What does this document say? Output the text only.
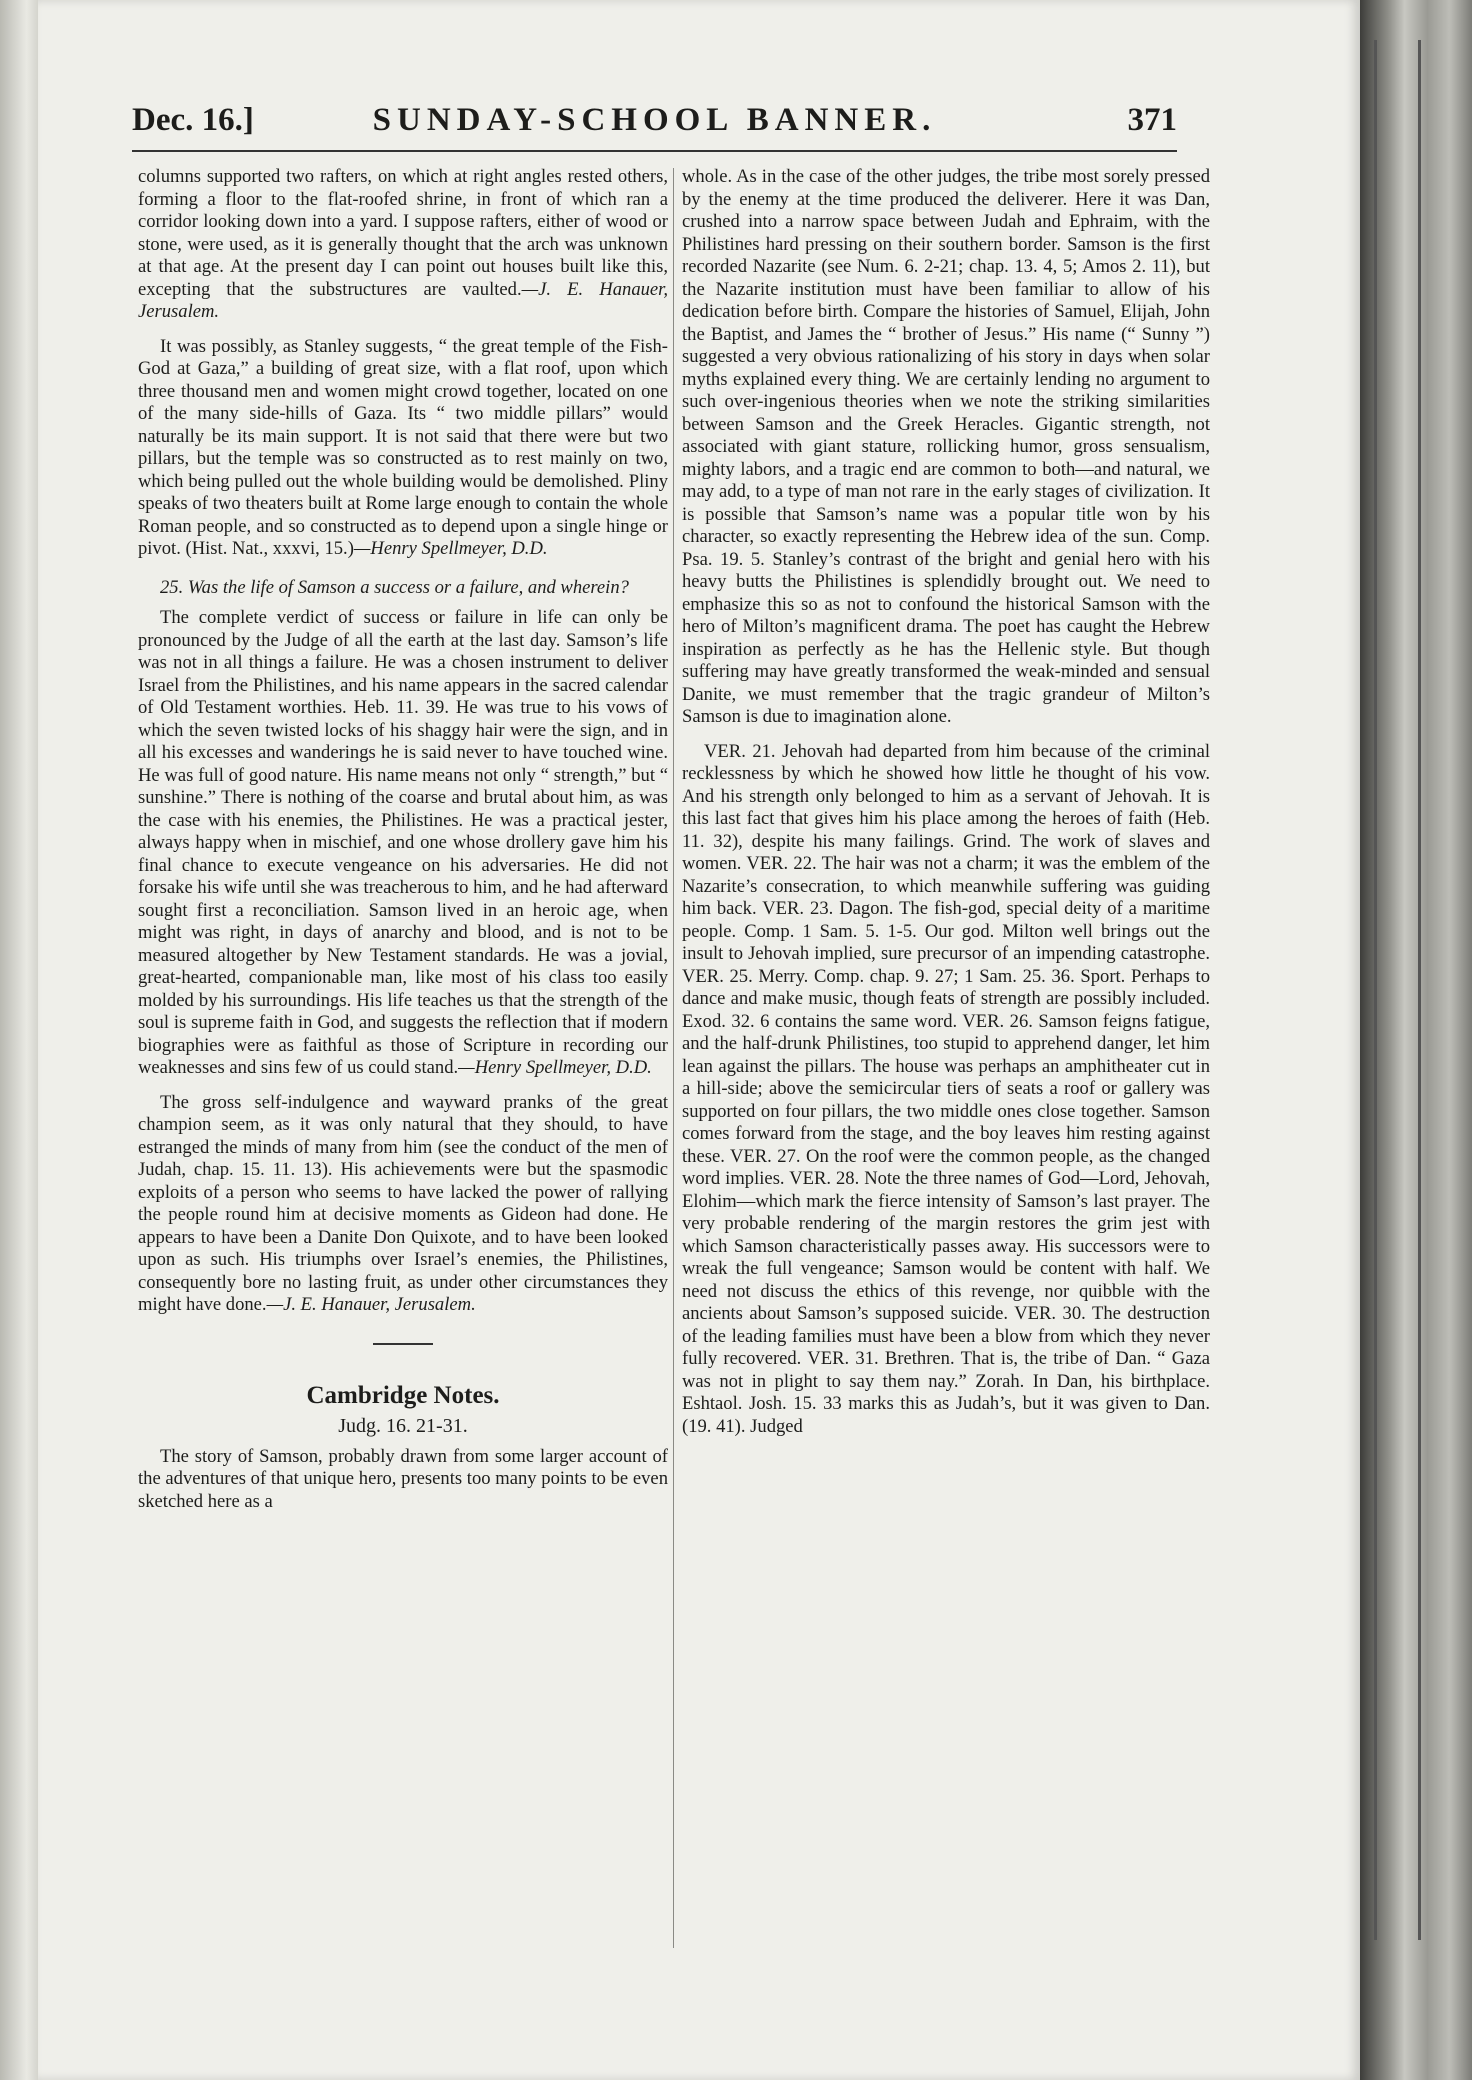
Dec. 16.]	SUNDAY-SCHOOL BANNER.	371

columns supported two rafters, on which at right angles rested others, forming a floor to the flat-roofed shrine, in front of which ran a corridor looking down into a yard. I suppose rafters, either of wood or stone, were used, as it is generally thought that the arch was unknown at that age. At the present day I can point out houses built like this, excepting that the substructures are vaulted.—J. E. Hanauer, Jerusalem.

It was possibly, as Stanley suggests, “ the great temple of the Fish-God at Gaza,” a building of great size, with a flat roof, upon which three thousand men and women might crowd together, located on one of the many side-hills of Gaza. Its “ two middle pillars” would naturally be its main support. It is not said that there were but two pillars, but the temple was so constructed as to rest mainly on two, which being pulled out the whole building would be demolished. Pliny speaks of two theaters built at Rome large enough to contain the whole Roman people, and so constructed as to depend upon a single hinge or pivot. (Hist. Nat., xxxvi, 15.)—Henry Spellmeyer, D.D.

25. Was the life of Samson a success or a failure, and wherein?

The complete verdict of success or failure in life can only be pronounced by the Judge of all the earth at the last day. Samson’s life was not in all things a failure. He was a chosen instrument to deliver Israel from the Philistines, and his name appears in the sacred calendar of Old Testament worthies. Heb. 11. 39. He was true to his vows of which the seven twisted locks of his shaggy hair were the sign, and in all his excesses and wanderings he is said never to have touched wine. He was full of good nature. His name means not only “ strength,” but “ sunshine.” There is nothing of the coarse and brutal about him, as was the case with his enemies, the Philistines. He was a practical jester, always happy when in mischief, and one whose drollery gave him his final chance to execute vengeance on his adversaries. He did not forsake his wife until she was treacherous to him, and he had afterward sought first a reconciliation. Samson lived in an heroic age, when might was right, in days of anarchy and blood, and is not to be measured altogether by New Testament standards. He was a jovial, great-hearted, companionable man, like most of his class too easily molded by his surroundings. His life teaches us that the strength of the soul is supreme faith in God, and suggests the reflection that if modern biographies were as faithful as those of Scripture in recording our weaknesses and sins few of us could stand.—Henry Spellmeyer, D.D.

The gross self-indulgence and wayward pranks of the great champion seem, as it was only natural that they should, to have estranged the minds of many from him (see the conduct of the men of Judah, chap. 15. 11. 13). His achievements were but the spasmodic exploits of a person who seems to have lacked the power of rallying the people round him at decisive moments as Gideon had done. He appears to have been a Danite Don Quixote, and to have been looked upon as such. His triumphs over Israel’s enemies, the Philistines, consequently bore no lasting fruit, as under other circumstances they might have done.—J. E. Hanauer, Jerusalem.

Cambridge Notes.

Judg. 16. 21-31.

The story of Samson, probably drawn from some larger account of the adventures of that unique hero, presents too many points to be even sketched here as a

whole. As in the case of the other judges, the tribe most sorely pressed by the enemy at the time produced the deliverer. Here it was Dan, crushed into a narrow space between Judah and Ephraim, with the Philistines hard pressing on their southern border. Samson is the first recorded Nazarite (see Num. 6. 2-21; chap. 13. 4, 5; Amos 2. 11), but the Nazarite institution must have been familiar to allow of his dedication before birth. Compare the histories of Samuel, Elijah, John the Baptist, and James the “ brother of Jesus.” His name (“ Sunny ”) suggested a very obvious rationalizing of his story in days when solar myths explained every thing. We are certainly lending no argument to such over-ingenious theories when we note the striking similarities between Samson and the Greek Heracles. Gigantic strength, not associated with giant stature, rollicking humor, gross sensualism, mighty labors, and a tragic end are common to both—and natural, we may add, to a type of man not rare in the early stages of civilization. It is possible that Samson’s name was a popular title won by his character, so exactly representing the Hebrew idea of the sun. Comp. Psa. 19. 5. Stanley’s contrast of the bright and genial hero with his heavy butts the Philistines is splendidly brought out. We need to emphasize this so as not to confound the historical Samson with the hero of Milton’s magnificent drama. The poet has caught the Hebrew inspiration as perfectly as he has the Hellenic style. But though suffering may have greatly transformed the weak-minded and sensual Danite, we must remember that the tragic grandeur of Milton’s Samson is due to imagination alone.

VER. 21. Jehovah had departed from him because of the criminal recklessness by which he showed how little he thought of his vow. And his strength only belonged to him as a servant of Jehovah. It is this last fact that gives him his place among the heroes of faith (Heb. 11. 32), despite his many failings. Grind. The work of slaves and women. VER. 22. The hair was not a charm; it was the emblem of the Nazarite’s consecration, to which meanwhile suffering was guiding him back. VER. 23. Dagon. The fish-god, special deity of a maritime people. Comp. 1 Sam. 5. 1-5. Our god. Milton well brings out the insult to Jehovah implied, sure precursor of an impending catastrophe. VER. 25. Merry. Comp. chap. 9. 27; 1 Sam. 25. 36. Sport. Perhaps to dance and make music, though feats of strength are possibly included. Exod. 32. 6 contains the same word. VER. 26. Samson feigns fatigue, and the half-drunk Philistines, too stupid to apprehend danger, let him lean against the pillars. The house was perhaps an amphitheater cut in a hill-side; above the semicircular tiers of seats a roof or gallery was supported on four pillars, the two middle ones close together. Samson comes forward from the stage, and the boy leaves him resting against these. VER. 27. On the roof were the common people, as the changed word implies. VER. 28. Note the three names of God—Lord, Jehovah, Elohim—which mark the fierce intensity of Samson’s last prayer. The very probable rendering of the margin restores the grim jest with which Samson characteristically passes away. His successors were to wreak the full vengeance; Samson would be content with half. We need not discuss the ethics of this revenge, nor quibble with the ancients about Samson’s supposed suicide. VER. 30. The destruction of the leading families must have been a blow from which they never fully recovered. VER. 31. Brethren. That is, the tribe of Dan. “ Gaza was not in plight to say them nay.” Zorah. In Dan, his birthplace. Eshtaol. Josh. 15. 33 marks this as Judah’s, but it was given to Dan. (19. 41). Judged
